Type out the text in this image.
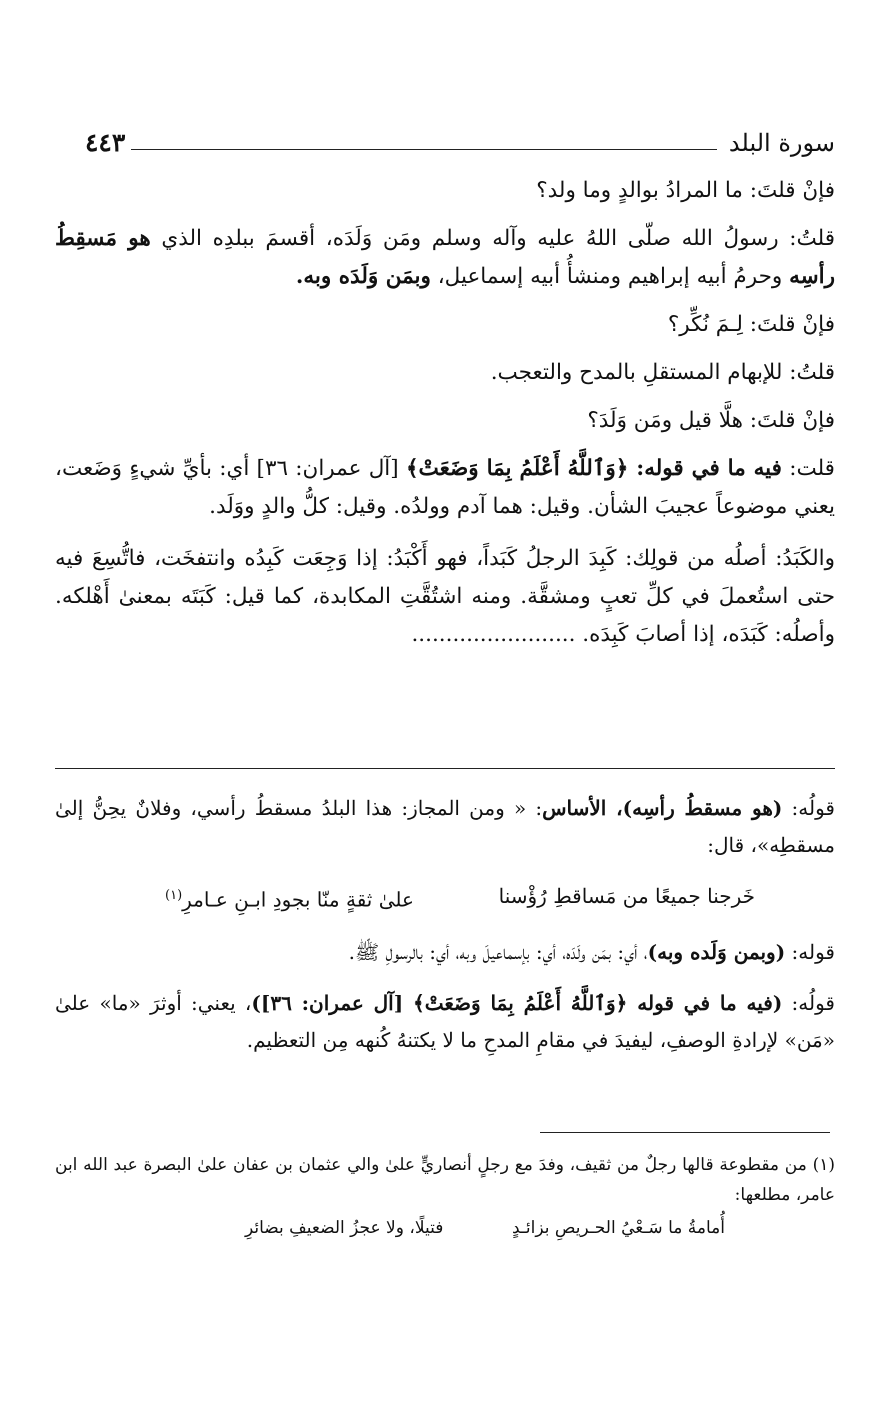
سورة البلد
٤٤٣

فإنْ قلتَ: ما المرادُ بوالدٍ وما ولد؟

قلتُ: رسولُ الله صلّى اللهُ عليه وآله وسلم ومَن وَلَدَه، أقسمَ ببلدِه الذي هو مَسقِطُ رأسِه وحرمُ أبيه إبراهيم ومنشأُ أبيه إسماعيل، وبمَن وَلَدَه وبه.

فإنْ قلتَ: لِـمَ نُكِّر؟

قلتُ: للإبهام المستقلِ بالمدح والتعجب.

فإنْ قلتَ: هلَّا قيل ومَن وَلَدَ؟

قلت: فيه ما في قوله: ﴿وَٱللَّهُ أَعْلَمُ بِمَا وَضَعَتْ﴾ [آل عمران: ٣٦] أي: بأيِّ شيءٍ وَضَعت، يعني موضوعاً عجيبَ الشأن. وقيل: هما آدم وولدُه. وقيل: كلُّ والدٍ ووَلَد.

والكَبَدُ: أصلُه من قولِك: كَبِدَ الرجلُ كَبَداً، فهو أَكْبَدُ: إذا وَجِعَت كَبِدُه وانتفخَت، فاتُّسِعَ فيه حتى استُعملَ في كلِّ تعبٍ ومشقَّة. ومنه اشتُقَّتِ المكابدة، كما قيل: كَبَتَه بمعنىٰ أَهْلكه. وأصلُه: كَبَدَه، إذا أصابَ كَبِدَه. ........................

قولُه: (هو مسقطُ رأسِه)، الأساس: « ومن المجاز: هذا البلدُ مسقطُ رأسي، وفلانٌ يحِنُّ إلىٰ مسقطِه»، قال:

خَرجنا جميعًا من مَساقطِ رُؤْسنا
علىٰ ثقةٍ منّا بجودِ ابـنِ عـامرِ$^{(١)}$

قوله: (وبمن وَلَده وبه)، أي: بمَن ولَدَه، أي: بإسماعيلَ وبه، أي: بالرسولِ ﷺ.

قولُه: (فيه ما في قوله ﴿وَٱللَّهُ أَعْلَمُ بِمَا وَضَعَتْ﴾ [آل عمران: ٣٦])، يعني: أوثرَ «ما» علىٰ «مَن» لإرادةِ الوصفِ، ليفيدَ في مقامِ المدحِ ما لا يكتنهُ كُنهه مِن التعظيم.

(١) من مقطوعة قالها رجلٌ من ثقيف، وفدَ مع رجلٍ أنصاريٍّ علىٰ والي عثمان بن عفان علىٰ البصرة عبد الله ابن عامر، مطلعها:

أُمامةُ ما سَـعْيُ الحـريصِ بزائـدٍ
فتيلًا، ولا عجزُ الضعيفِ بضائرِ
